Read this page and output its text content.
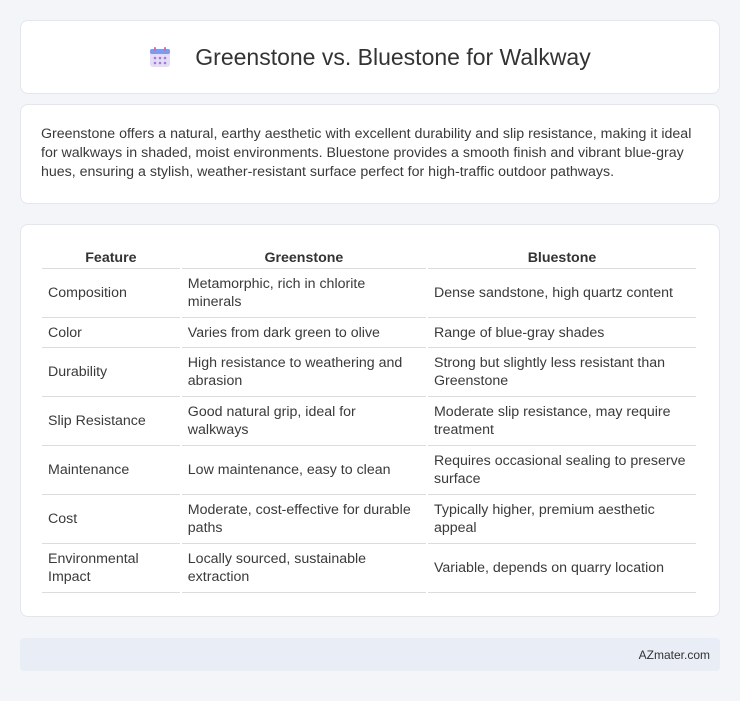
Greenstone vs. Bluestone for Walkway

Greenstone offers a natural, earthy aesthetic with excellent durability and slip resistance, making it ideal for walkways in shaded, moist environments. Bluestone provides a smooth finish and vibrant blue-gray hues, ensuring a stylish, weather-resistant surface perfect for high-traffic outdoor pathways.

Feature	Greenstone	Bluestone
Composition	Metamorphic, rich in chlorite minerals	Dense sandstone, high quartz content
Color	Varies from dark green to olive	Range of blue-gray shades
Durability	High resistance to weathering and abrasion	Strong but slightly less resistant than Greenstone
Slip Resistance	Good natural grip, ideal for walkways	Moderate slip resistance, may require treatment
Maintenance	Low maintenance, easy to clean	Requires occasional sealing to preserve surface
Cost	Moderate, cost-effective for durable paths	Typically higher, premium aesthetic appeal
Environmental Impact	Locally sourced, sustainable extraction	Variable, depends on quarry location
AZmater.com
